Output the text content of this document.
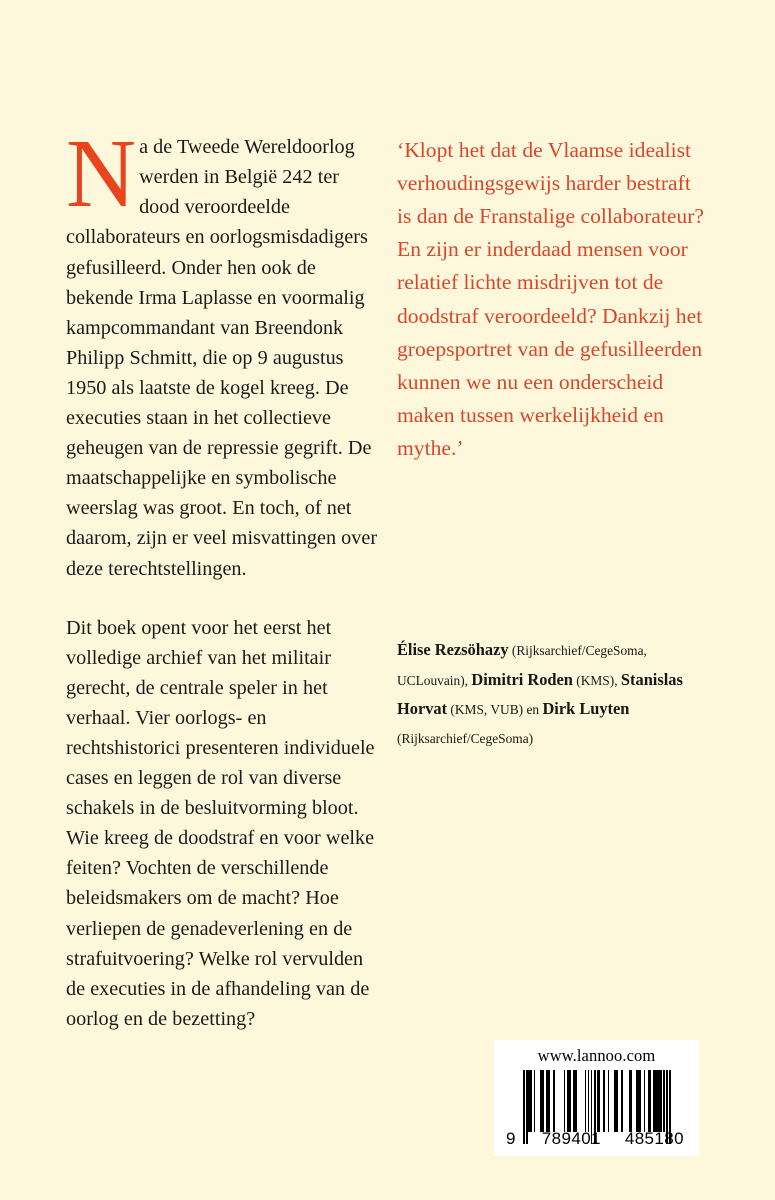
Na de Tweede Wereldoorlog werden in België 242 ter dood veroordeelde collaborateurs en oorlogsmisdadigers gefusilleerd. Onder hen ook de bekende Irma Laplasse en voormalig kampcommandant van Breendonk Philipp Schmitt, die op 9 augustus 1950 als laatste de kogel kreeg. De executies staan in het collectieve geheugen van de repressie gegrift. De maatschappelijke en symbolische weerslag was groot. En toch, of net daarom, zijn er veel misvattingen over deze terechtstellingen.

Dit boek opent voor het eerst het volledige archief van het militair gerecht, de centrale speler in het verhaal. Vier oorlogs- en rechtshistorici presenteren individuele cases en leggen de rol van diverse schakels in de besluitvorming bloot. Wie kreeg de doodstraf en voor welke feiten? Vochten de verschillende beleidsmakers om de macht? Hoe verliepen de genadeverlening en de strafuitvoering? Welke rol vervulden de executies in de afhandeling van de oorlog en de bezetting?

‘Klopt het dat de Vlaamse idealist verhoudingsgewijs harder bestraft is dan de Franstalige collaborateur? En zijn er inderdaad mensen voor relatief lichte misdrijven tot de doodstraf veroordeeld? Dankzij het groepsportret van de gefusilleerden kunnen we nu een onderscheid maken tussen werkelijkheid en mythe.’

Élise Rezsöhazy (Rijksarchief/CegeSoma, UCLouvain), Dimitri Roden (KMS), Stanislas Horvat (KMS, VUB) en Dirk Luyten (Rijksarchief/CegeSoma)
www.lannoo.com
9 789401 485180
